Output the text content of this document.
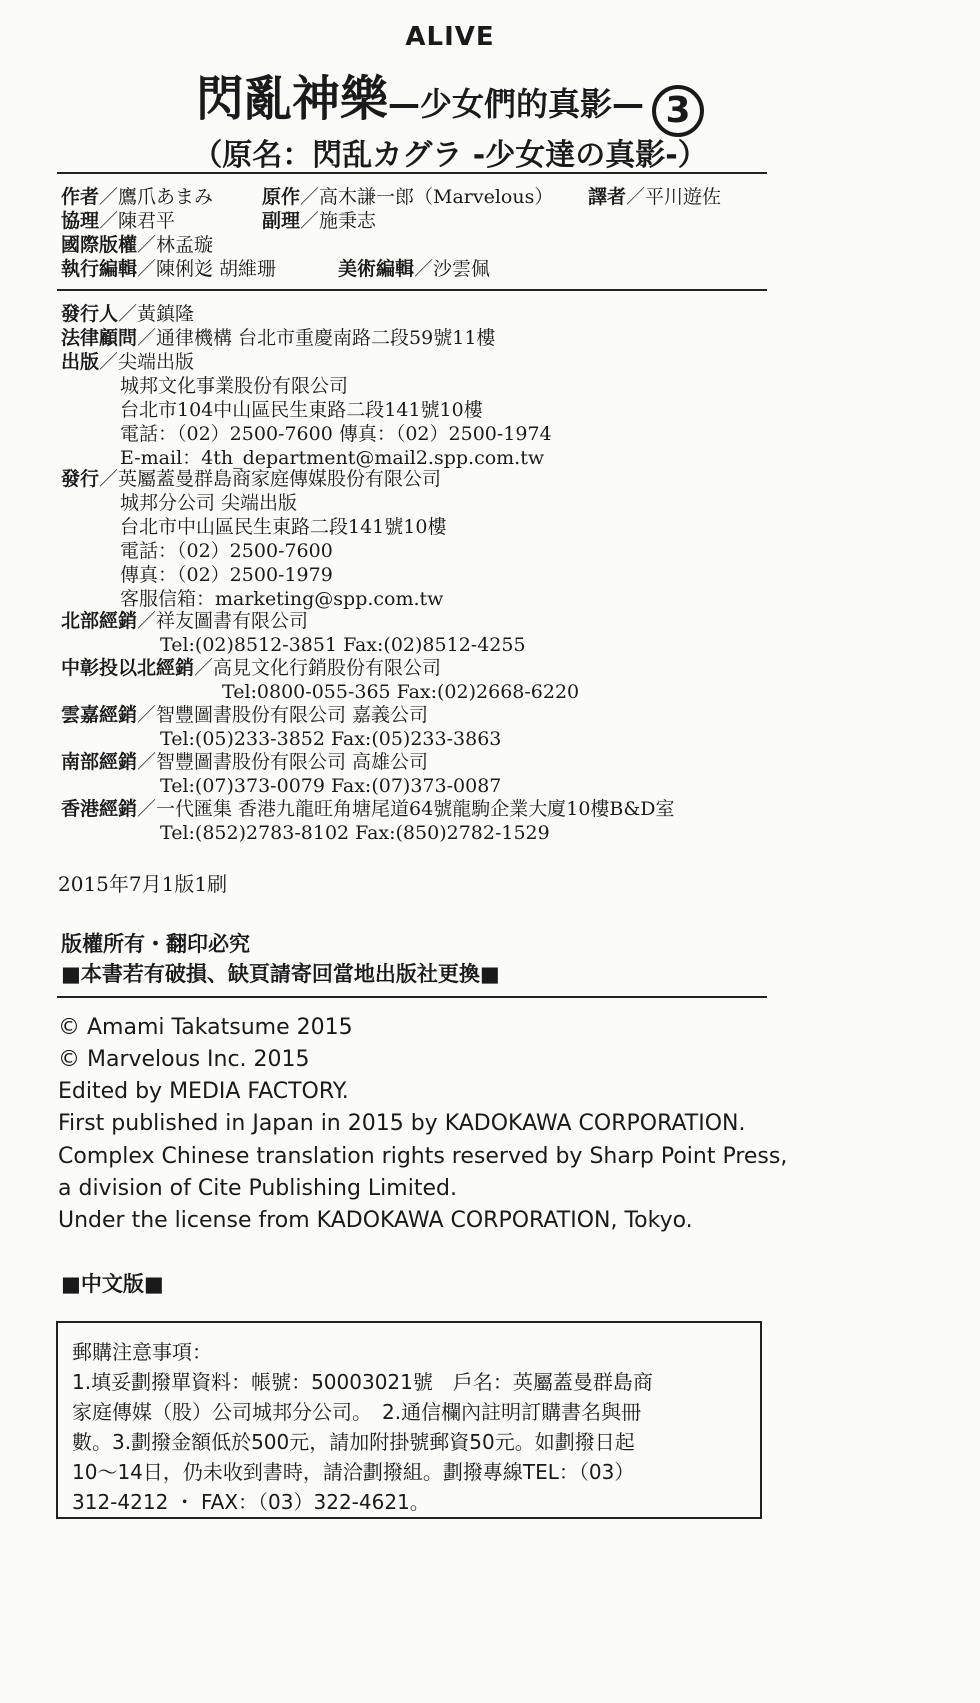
ALIVE
閃亂神樂—少女們的真影— 3
（原名：閃乱カグラ -少女達の真影-）
作者／鷹爪あまみ	原作／高木謙一郎（Marvelous） 譯者／平川遊佐
協理／陳君平	副理／施秉志
國際版權／林孟璇
執行編輯／陳俐彣 胡維珊	美術編輯／沙雲佩
發行人／黃鎮隆
法律顧問／通律機構 台北市重慶南路二段59號11樓
出版／尖端出版
城邦文化事業股份有限公司
台北市104中山區民生東路二段141號10樓
電話：（02）2500-7600 傳真：（02）2500-1974
E-mail：4th_department@mail2.spp.com.tw
發行／英屬蓋曼群島商家庭傳媒股份有限公司
城邦分公司 尖端出版
台北市中山區民生東路二段141號10樓
電話：（02）2500-7600
傳真：（02）2500-1979
客服信箱：marketing@spp.com.tw
北部經銷／祥友圖書有限公司
Tel:(02)8512-3851 Fax:(02)8512-4255
中彰投以北經銷／高見文化行銷股份有限公司
Tel:0800-055-365 Fax:(02)2668-6220
雲嘉經銷／智豐圖書股份有限公司 嘉義公司
Tel:(05)233-3852 Fax:(05)233-3863
南部經銷／智豐圖書股份有限公司 高雄公司
Tel:(07)373-0079 Fax:(07)373-0087
香港經銷／一代匯集 香港九龍旺角塘尾道64號龍駒企業大廈10樓B&D室
Tel:(852)2783-8102 Fax:(850)2782-1529
2015年7月1版1刷
版權所有・翻印必究
■本書若有破損、缺頁請寄回當地出版社更換■
© Amami Takatsume 2015
© Marvelous Inc. 2015
Edited by MEDIA FACTORY.
First published in Japan in 2015 by KADOKAWA CORPORATION.
Complex Chinese translation rights reserved by Sharp Point Press,
a division of Cite Publishing Limited.
Under the license from KADOKAWA CORPORATION, Tokyo.
■中文版■
郵購注意事項：
1.填妥劃撥單資料：帳號：50003021號　戶名：英屬蓋曼群島商
家庭傳媒（股）公司城邦分公司。　2.通信欄內註明訂購書名與冊
數。3.劃撥金額低於500元，請加附掛號郵資50元。如劃撥日起
10～14日，仍未收到書時，請洽劃撥組。劃撥專線TEL：（03）
312-4212 ・ FAX：（03）322-4621。
